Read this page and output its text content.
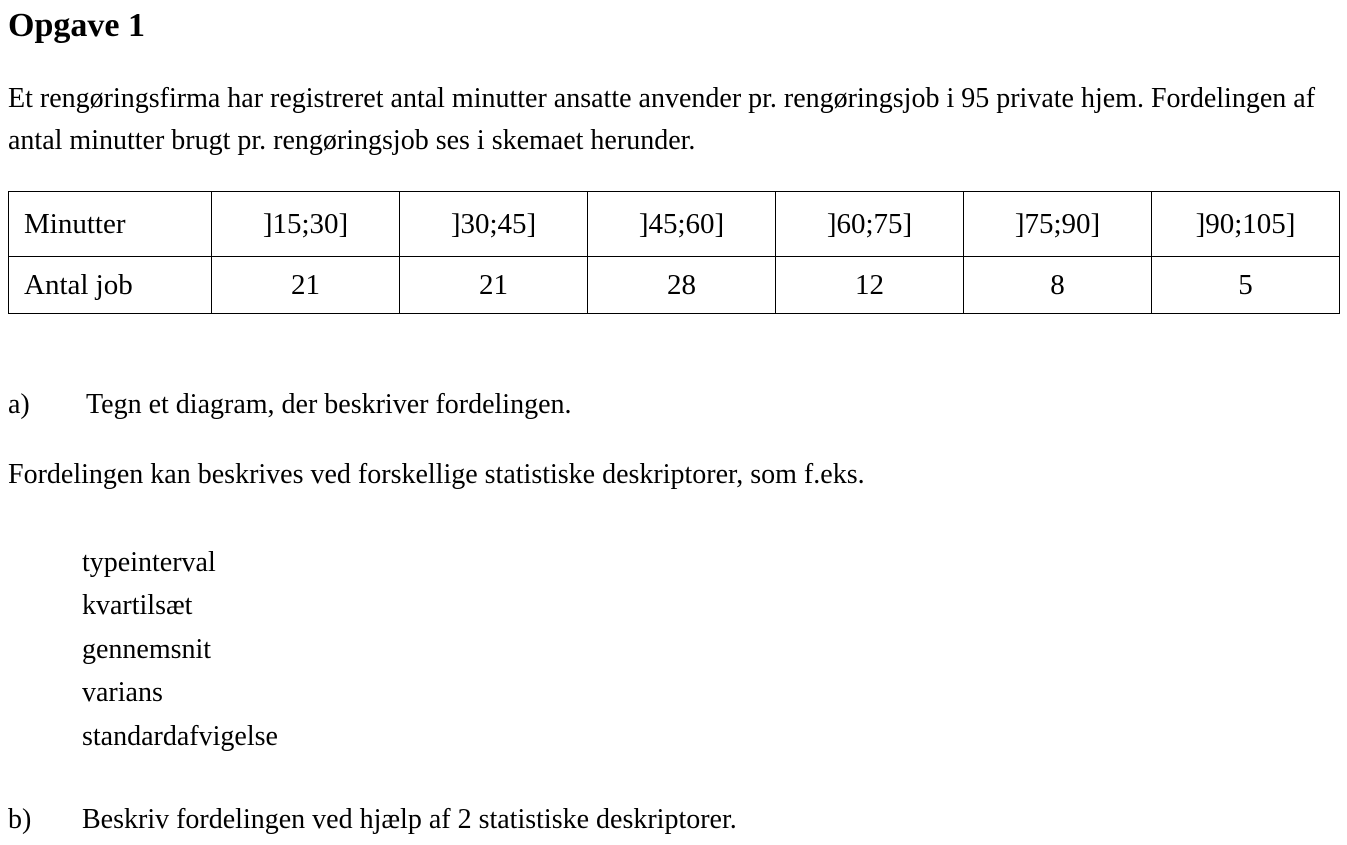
Opgave 1
Et rengøringsfirma har registreret antal minutter ansatte anvender pr. rengøringsjob i 95 private hjem. Fordelingen af antal minutter brugt pr. rengøringsjob ses i skemaet herunder.
Minutter	]15;30]	]30;45]	]45;60]	]60;75]	]75;90]	]90;105]
Antal job	21	21	28	12	8	5
a) Tegn et diagram, der beskriver fordelingen.
Fordelingen kan beskrives ved forskellige statistiske deskriptorer, som f.eks.
typeinterval
kvartilsæt
gennemsnit
varians
standardafvigelse
b) Beskriv fordelingen ved hjælp af 2 statistiske deskriptorer.
